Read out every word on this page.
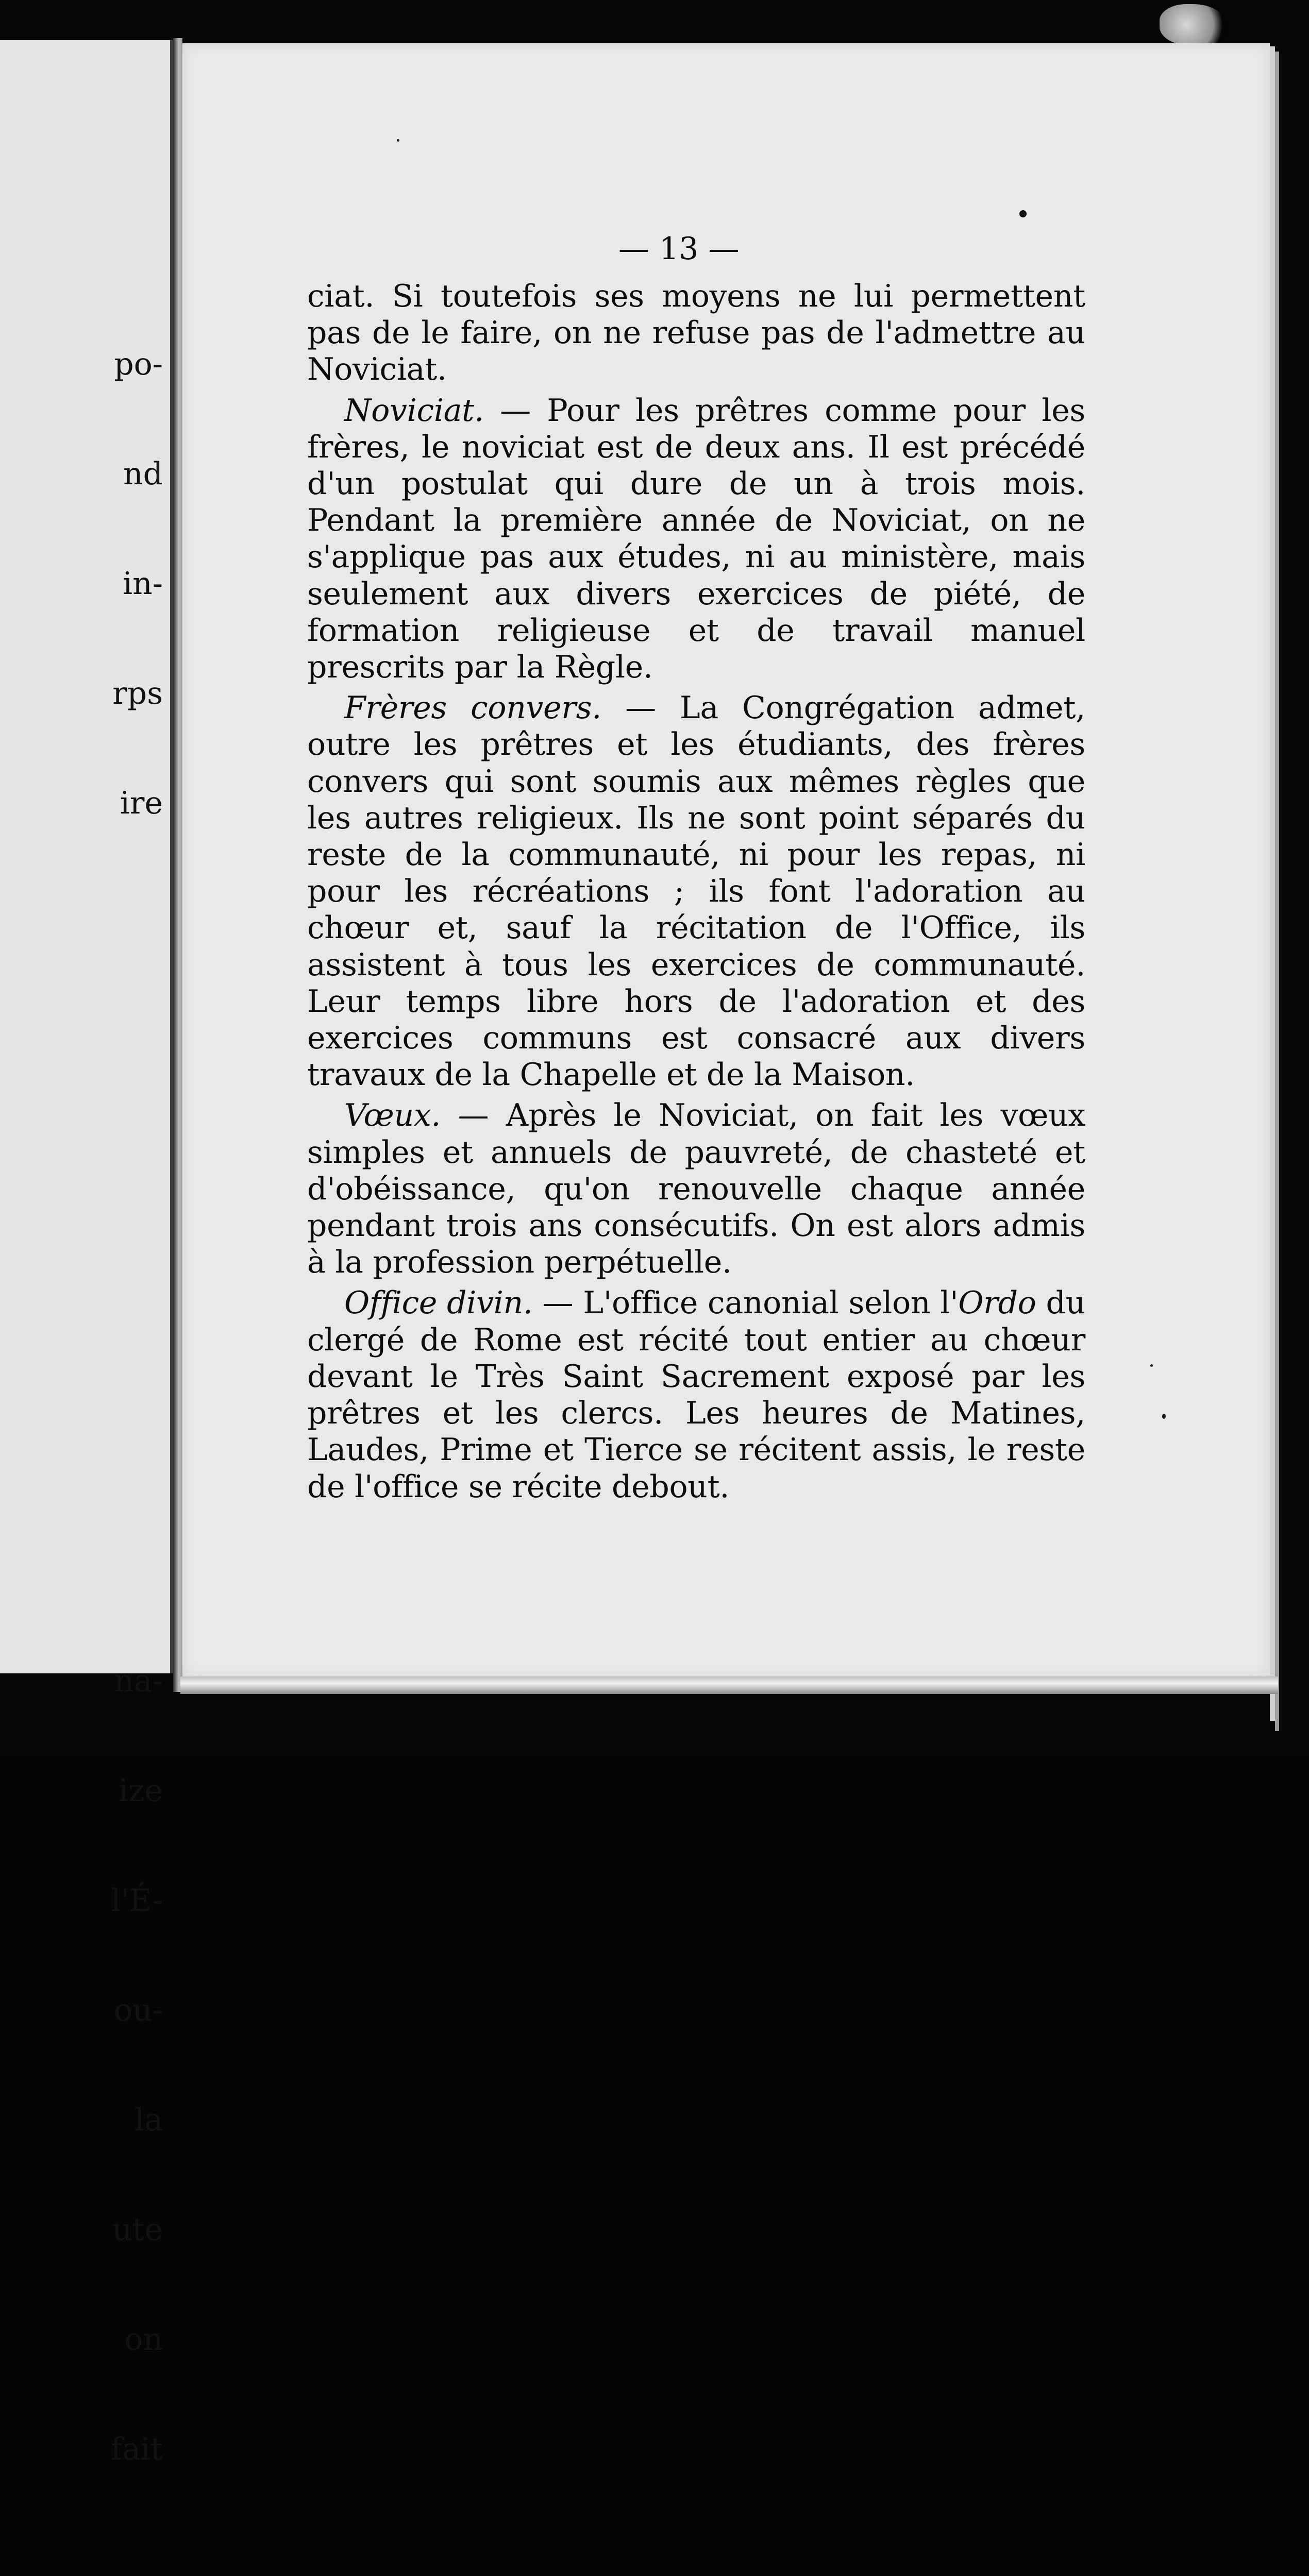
po-

nd

in-

rps

ire

na-

ize

l'É-

ou-

la

ute

on

fait

— 13 —

ciat. Si toutefois ses moyens ne lui permettent pas de le faire, on ne refuse pas de l'admettre au Noviciat.

Noviciat. — Pour les prêtres comme pour les frères, le noviciat est de deux ans. Il est précédé d'un postulat qui dure de un à trois mois. Pendant la première année de Noviciat, on ne s'applique pas aux études, ni au ministère, mais seulement aux divers exercices de piété, de formation religieuse et de travail manuel prescrits par la Règle.

Frères convers. — La Congrégation admet, outre les prêtres et les étudiants, des frères convers qui sont soumis aux mêmes règles que les autres religieux. Ils ne sont point séparés du reste de la communauté, ni pour les repas, ni pour les récréations ; ils font l'adoration au chœur et, sauf la récitation de l'Office, ils assistent à tous les exercices de communauté. Leur temps libre hors de l'adoration et des exercices communs est consacré aux divers travaux de la Chapelle et de la Maison.

Vœux. — Après le Noviciat, on fait les vœux simples et annuels de pauvreté, de chasteté et d'obéissance, qu'on renouvelle chaque année pendant trois ans consécutifs. On est alors admis à la profession perpétuelle.

Office divin. — L'office canonial selon l'Ordo du clergé de Rome est récité tout entier au chœur devant le Très Saint Sacrement exposé par les prêtres et les clercs. Les heures de Matines, Laudes, Prime et Tierce se récitent assis, le reste de l'office se récite debout.
